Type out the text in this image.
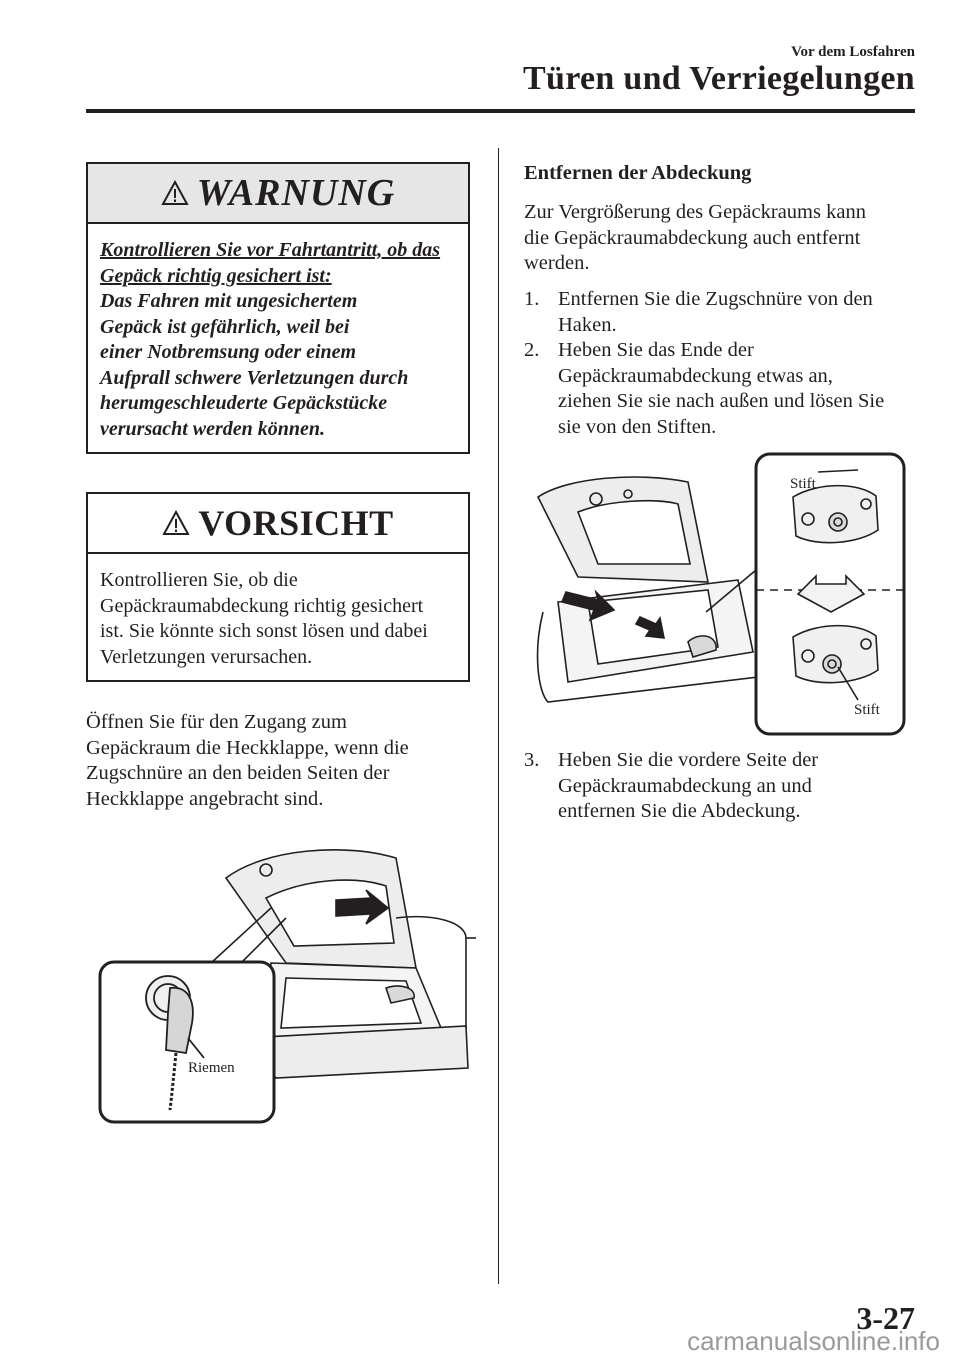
Vor dem Losfahren
Türen und Verriegelungen
WARNUNG
Kontrollieren Sie vor Fahrtantritt, ob das Gepäck richtig gesichert ist:
Das Fahren mit ungesichertem
Gepäck ist gefährlich, weil bei
einer Notbremsung oder einem
Aufprall schwere Verletzungen durch
herumgeschleuderte Gepäckstücke
verursacht werden können.
VORSICHT
Kontrollieren Sie, ob die
Gepäckraumabdeckung richtig gesichert
ist. Sie könnte sich sonst lösen und dabei
Verletzungen verursachen.
Öffnen Sie für den Zugang zum
Gepäckraum die Heckklappe, wenn die
Zugschnüre an den beiden Seiten der
Heckklappe angebracht sind.
Riemen
Entfernen der Abdeckung
Zur Vergrößerung des Gepäckraums kann
die Gepäckraumabdeckung auch entfernt
werden.
1. Entfernen Sie die Zugschnüre von den
Haken.
2. Heben Sie das Ende der
Gepäckraumabdeckung etwas an,
ziehen Sie sie nach außen und lösen Sie
sie von den Stiften.
Stift
Stift
3. Heben Sie die vordere Seite der
Gepäckraumabdeckung an und
entfernen Sie die Abdeckung.
3-27
carmanualsonline.info
